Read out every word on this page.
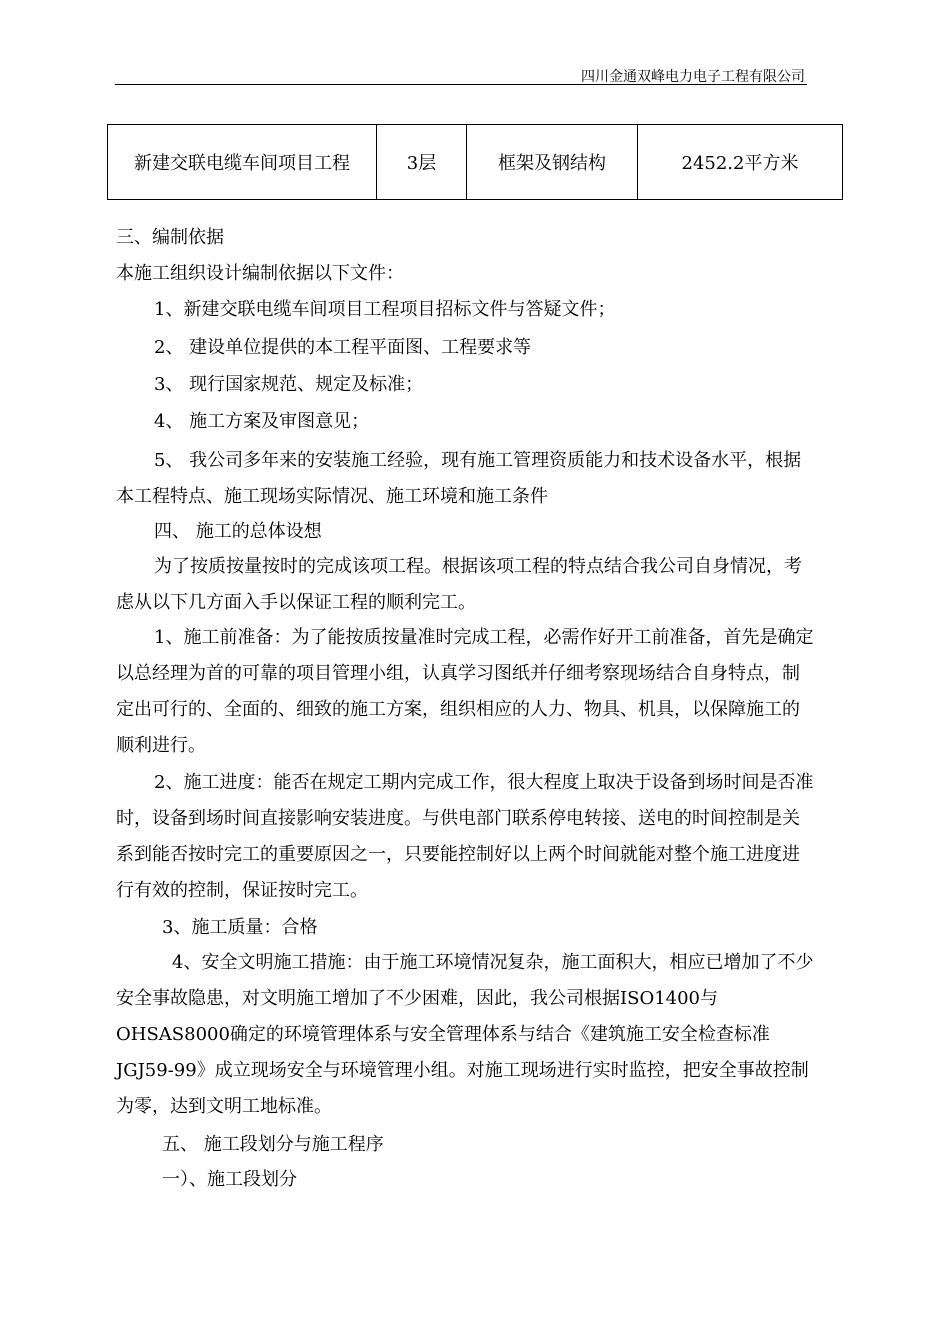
四川金通双峰电力电子工程有限公司
新建交联电缆车间项目工程	3层	框架及钢结构	2452.2平方米
三、编制依据
本施工组织设计编制依据以下文件：
1、新建交联电缆车间项目工程项目招标文件与答疑文件；
2、 建设单位提供的本工程平面图、工程要求等
3、 现行国家规范、规定及标准；
4、 施工方案及审图意见；
5、 我公司多年来的安装施工经验，现有施工管理资质能力和技术设备水平，根据本工程特点、施工现场实际情况、施工环境和施工条件
四、 施工的总体设想
为了按质按量按时的完成该项工程。根据该项工程的特点结合我公司自身情况，考虑从以下几方面入手以保证工程的顺利完工。
1、施工前准备：为了能按质按量准时完成工程，必需作好开工前准备，首先是确定以总经理为首的可靠的项目管理小组，认真学习图纸并仔细考察现场结合自身特点，制定出可行的、全面的、细致的施工方案，组织相应的人力、物具、机具，以保障施工的顺利进行。
2、施工进度：能否在规定工期内完成工作，很大程度上取决于设备到场时间是否准时，设备到场时间直接影响安装进度。与供电部门联系停电转接、送电的时间控制是关系到能否按时完工的重要原因之一，只要能控制好以上两个时间就能对整个施工进度进行有效的控制，保证按时完工。
3、施工质量：合格
4、安全文明施工措施：由于施工环境情况复杂，施工面积大，相应已增加了不少安全事故隐患，对文明施工增加了不少困难，因此，我公司根据ISO1400与OHSAS8000确定的环境管理体系与安全管理体系与结合《建筑施工安全检查标准JGJ59-99》成立现场安全与环境管理小组。对施工现场进行实时监控，把安全事故控制为零，达到文明工地标准。
五、 施工段划分与施工程序
一）、施工段划分
